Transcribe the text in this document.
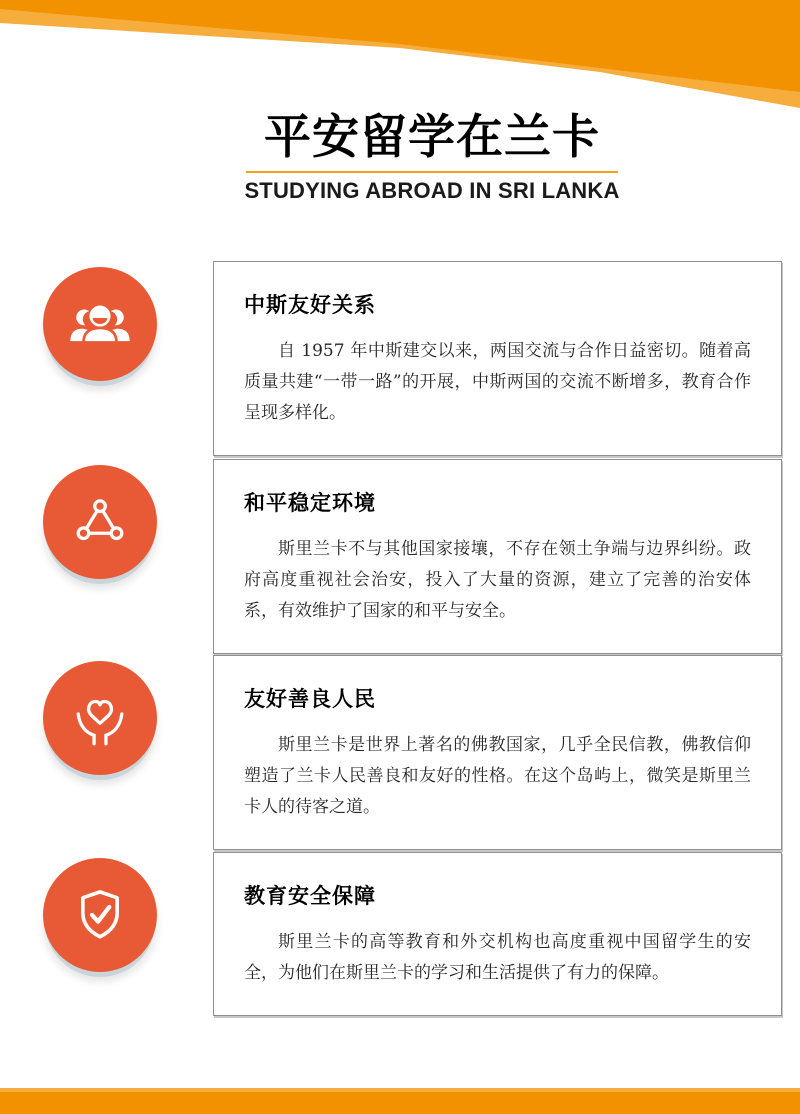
平安留学在兰卡
STUDYING ABROAD IN SRI LANKA
中斯友好关系

自 1957 年中斯建交以来，两国交流与合作日益密切。随着高质量共建“一带一路”的开展，中斯两国的交流不断增多，教育合作呈现多样化。

和平稳定环境

斯里兰卡不与其他国家接壤，不存在领土争端与边界纠纷。政府高度重视社会治安，投入了大量的资源，建立了完善的治安体系，有效维护了国家的和平与安全。

友好善良人民

斯里兰卡是世界上著名的佛教国家，几乎全民信教，佛教信仰塑造了兰卡人民善良和友好的性格。在这个岛屿上，微笑是斯里兰卡人的待客之道。

教育安全保障

斯里兰卡的高等教育和外交机构也高度重视中国留学生的安全，为他们在斯里兰卡的学习和生活提供了有力的保障。
